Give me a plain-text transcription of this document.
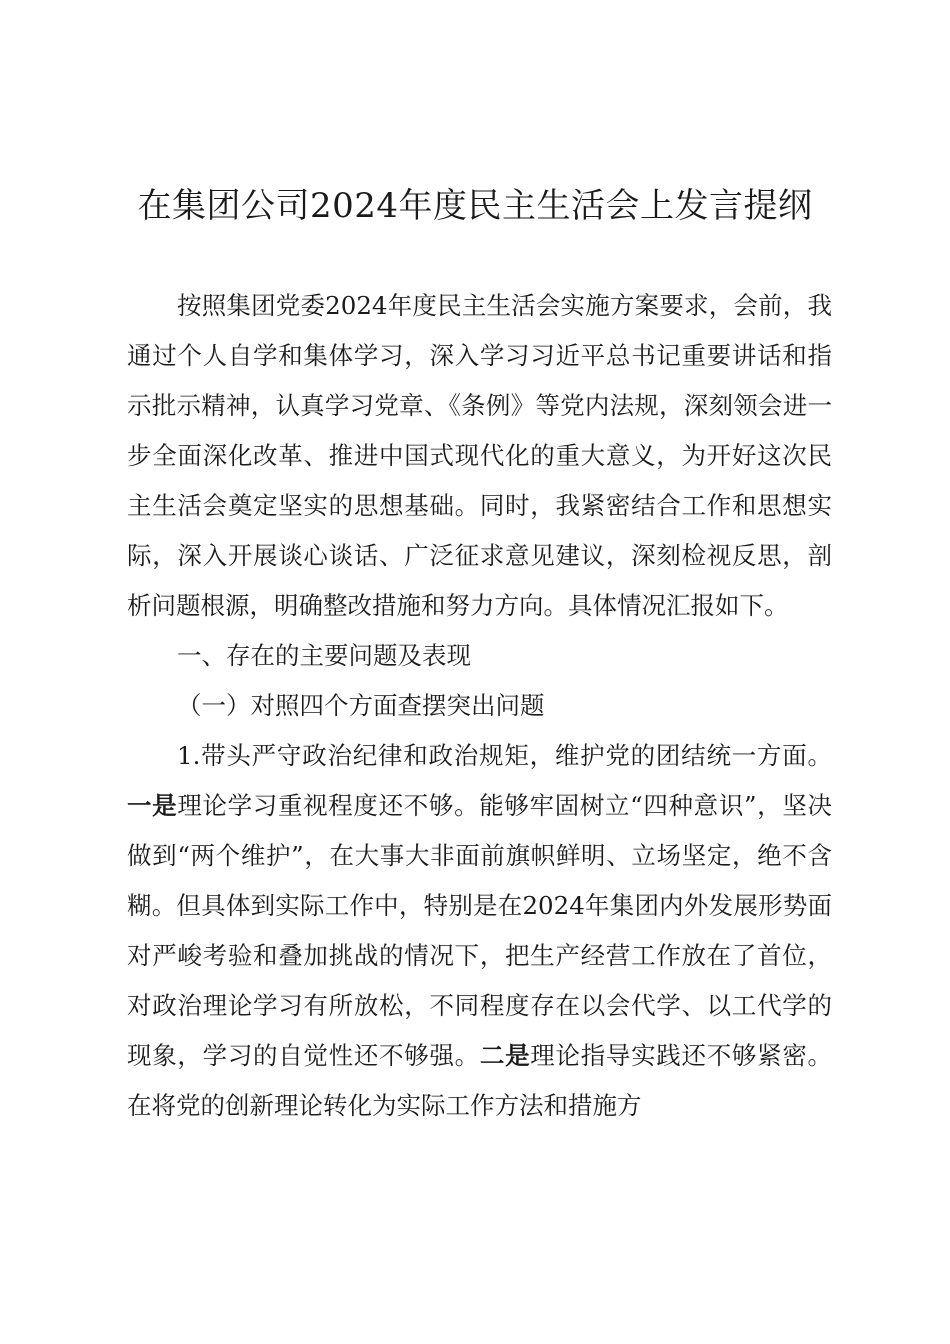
在集团公司2024年度民主生活会上发言提纲

按照集团党委2024年度民主生活会实施方案要求，会前，我通过个人自学和集体学习，深入学习习近平总书记重要讲话和指示批示精神，认真学习党章、《条例》等党内法规，深刻领会进一步全面深化改革、推进中国式现代化的重大意义，为开好这次民主生活会奠定坚实的思想基础。同时，我紧密结合工作和思想实际，深入开展谈心谈话、广泛征求意见建议，深刻检视反思，剖析问题根源，明确整改措施和努力方向。具体情况汇报如下。

一、存在的主要问题及表现

（一）对照四个方面查摆突出问题

1.带头严守政治纪律和政治规矩，维护党的团结统一方面。一是理论学习重视程度还不够。能够牢固树立“四种意识”，坚决做到“两个维护”，在大事大非面前旗帜鲜明、立场坚定，绝不含糊。但具体到实际工作中，特别是在2024年集团内外发展形势面对严峻考验和叠加挑战的情况下，把生产经营工作放在了首位，对政治理论学习有所放松，不同程度存在以会代学、以工代学的现象，学习的自觉性还不够强。二是理论指导实践还不够紧密。在将党的创新理论转化为实际工作方法和措施方
